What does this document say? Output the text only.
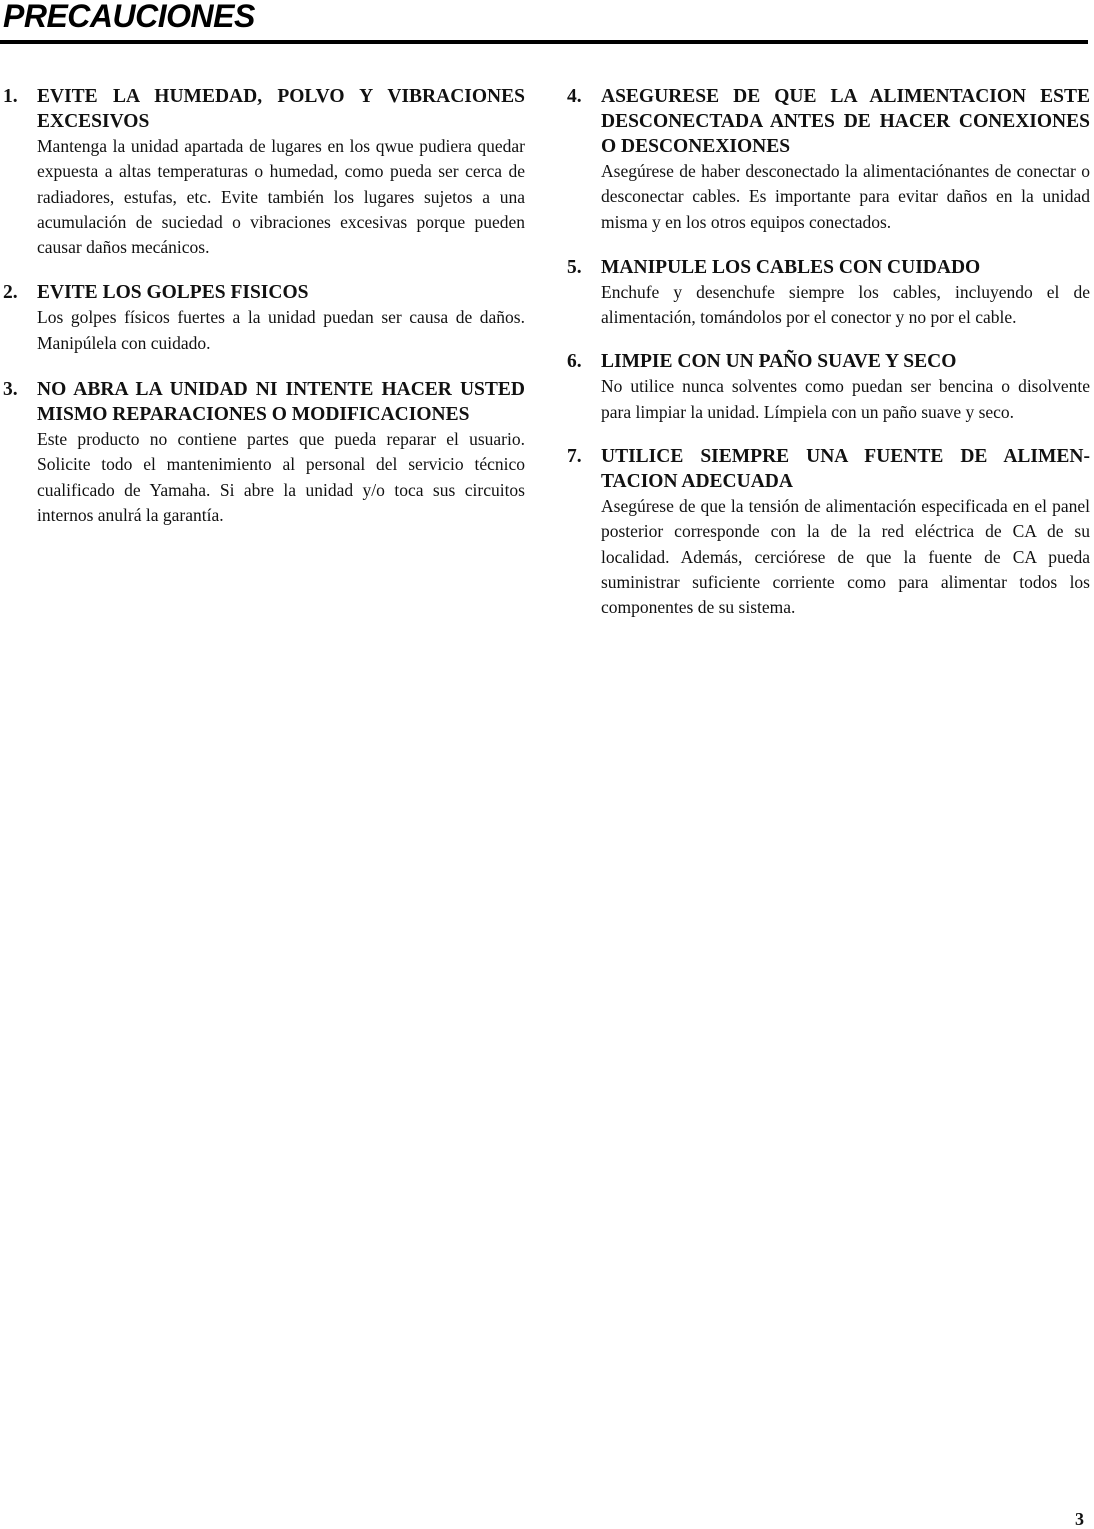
PRECAUCIONES
1. EVITE LA HUMEDAD, POLVO Y VIBRACIONES EXCESIVOS

Mantenga la unidad apartada de lugares en los qwue pudiera quedar expuesta a altas temperaturas o humedad, como pueda ser cerca de radiadores, estufas, etc. Evite también los lugares sujetos a una acumulación de suciedad o vibraciones excesivas porque pueden causar daños mecánicos.

2. EVITE LOS GOLPES FISICOS

Los golpes físicos fuertes a la unidad puedan ser causa de daños. Manipúlela con cuidado.

3. NO ABRA LA UNIDAD NI INTENTE HACER USTED MISMO REPARACIONES O MODIFICACIONES

Este producto no contiene partes que pueda reparar el usuario. Solicite todo el mantenimiento al personal del servicio técnico cualificado de Yamaha. Si abre la unidad y/o toca sus circuitos internos anulrá la garantía.

4. ASEGURESE DE QUE LA ALIMENTACION ESTE DESCONECTADA ANTES DE HACER CONEXIONES O DESCONEXIONES

Asegúrese de haber desconectado la alimentaciónantes de conectar o desconectar cables. Es importante para evitar daños en la unidad misma y en los otros equipos conectados.

5. MANIPULE LOS CABLES CON CUIDADO

Enchufe y desenchufe siempre los cables, incluyendo el de alimentación, tomándolos por el conector y no por el cable.

6. LIMPIE CON UN PAÑO SUAVE Y SECO

No utilice nunca solventes como puedan ser bencina o disolvente para limpiar la unidad. Límpiela con un paño suave y seco.

7. UTILICE SIEMPRE UNA FUENTE DE ALIMEN-TACION ADECUADA

Asegúrese de que la tensión de alimentación especificada en el panel posterior corresponde con la de la red eléctrica de CA de su localidad. Además, cerciórese de que la fuente de CA pueda suministrar suficiente corriente como para alimentar todos los componentes de su sistema.

3
